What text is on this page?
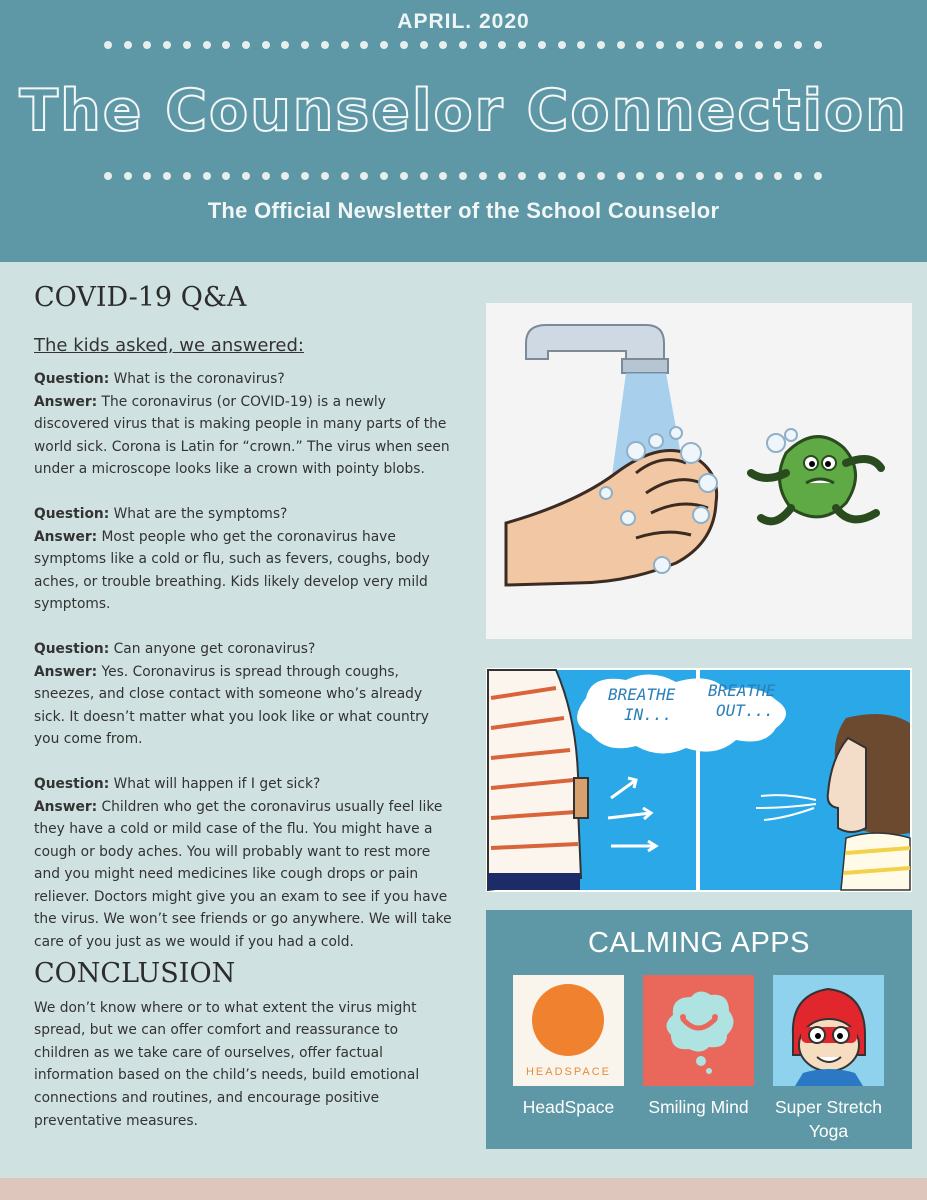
APRIL. 2020
The Counselor Connection
The Official Newsletter of the School Counselor
COVID-19 Q&A
The kids asked, we answered:

Question: What is the coronavirus?

Answer: The coronavirus (or COVID-19) is a newly discovered virus that is making people in many parts of the world sick. Corona is Latin for “crown.” The virus when seen under a microscope looks like a crown with pointy blobs.

Question: What are the symptoms?

Answer: Most people who get the coronavirus have symptoms like a cold or flu, such as fevers, coughs, body aches, or trouble breathing. Kids likely develop very mild symptoms.

Question: Can anyone get coronavirus?

Answer: Yes. Coronavirus is spread through coughs, sneezes, and close contact with someone who’s already sick. It doesn’t matter what you look like or what country you come from.

Question: What will happen if I get sick?

Answer: Children who get the coronavirus usually feel like they have a cold or mild case of the flu. You might have a cough or body aches. You will probably want to rest more and you might need medicines like cough drops or pain reliever. Doctors might give you an exam to see if you have the virus. We won’t see friends or go anywhere. We will take care of you just as we would if you had a cold.

CONCLUSION
We don’t know where or to what extent the virus might spread, but we can offer comfort and reassurance to children as we take care of ourselves, offer factual information based on the child’s needs, build emotional connections and routines, and encourage positive preventative measures.
BREATHE
IN...
BREATHE
OUT...
CALMING APPS
HEADSPACE
HeadSpace	Smiling Mind	Super Stretch Yoga
